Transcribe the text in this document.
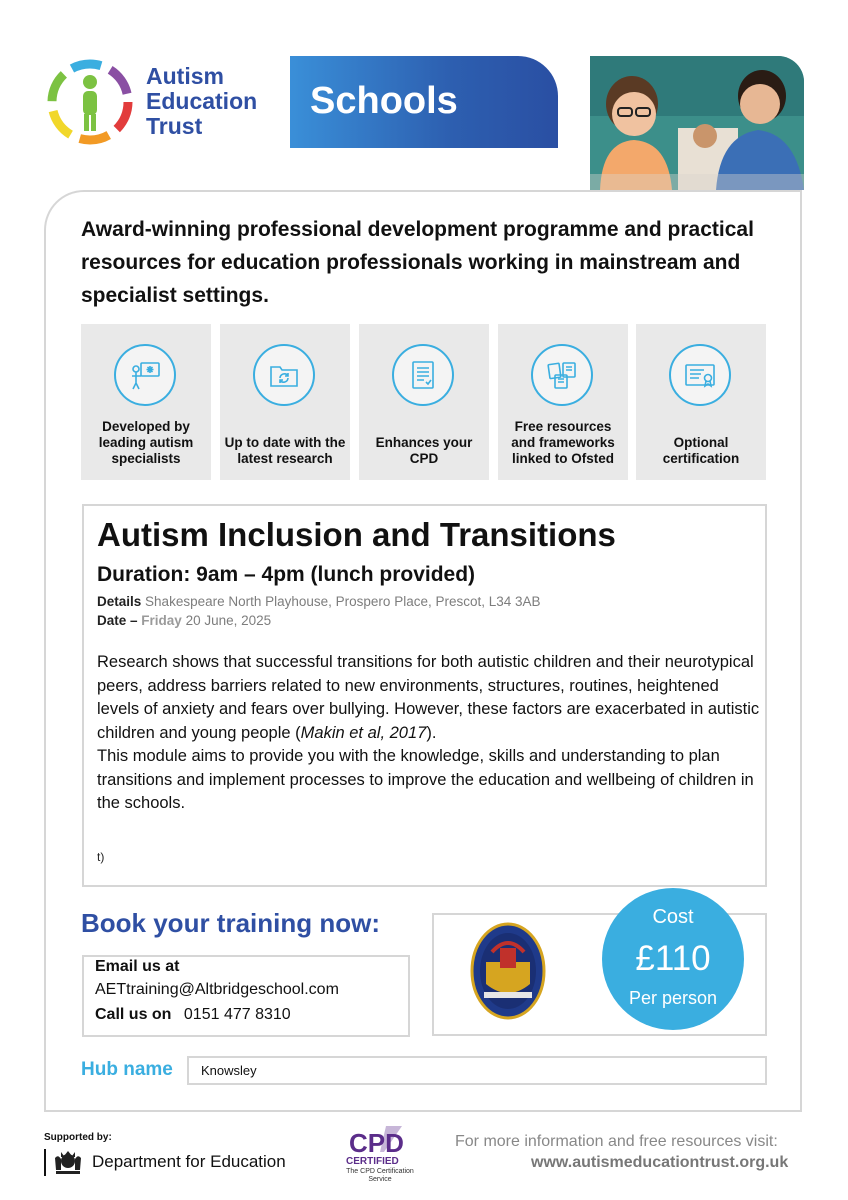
Autism
Education
Trust
Schools
Award-winning professional development programme and practical resources for education professionals working in mainstream and specialist settings.
Developed by leading autism specialists
Up to date with the latest research
Enhances your CPD
Free resources and frameworks linked to Ofsted
Optional certification
Autism Inclusion and Transitions
Duration: 9am – 4pm (lunch provided)
Details Shakespeare North Playhouse, Prospero Place, Prescot, L34 3AB
Date – Friday 20 June, 2025
Research shows that successful transitions for both autistic children and their neurotypical peers, address barriers related to new environments, structures, routines, heightened levels of anxiety and fears over bullying. However, these factors are exacerbated in autistic children and young people (Makin et al, 2017).
This module aims to provide you with the knowledge, skills and understanding to plan transitions and implement processes to improve the education and wellbeing of children in the schools.
t)
Book your training now:
Email us at
AETtraining@Altbridgeschool.com
Call us on 0151 477 8310
Cost
£110
Per person
Hub name	Knowsley
Supported by:
Department for Education
CPD
CERTIFIED
The CPD Certification Service
For more information and free resources visit:
www.autismeducationtrust.org.uk
